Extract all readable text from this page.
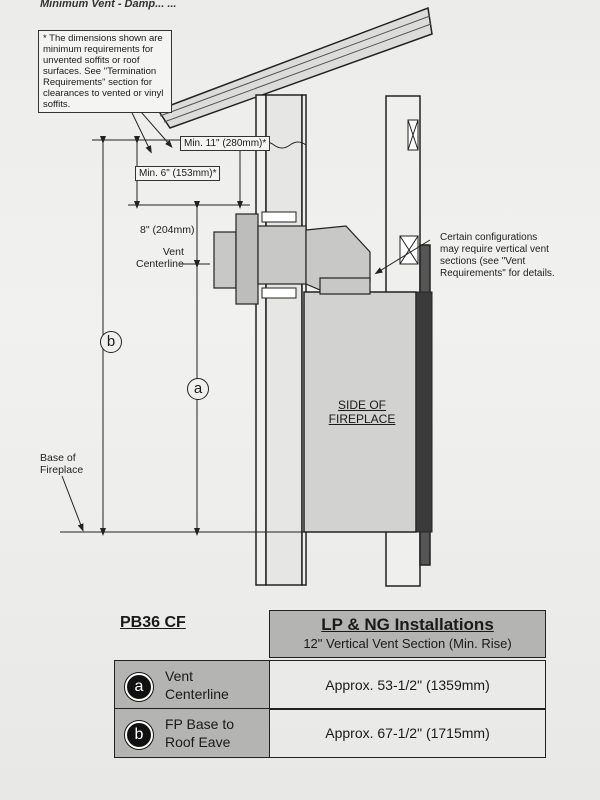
Minimum Vent - Damp... ...
* The dimensions shown are minimum requirements for unvented soffits or roof surfaces. See "Termination Requirements" section for clearances to vented or vinyl soffits.
Min. 11" (280mm)*
Min. 6" (153mm)*
8" (204mm)
Vent
Centerline
Base of
Fireplace
Certain configurations
may require vertical vent
sections (see "Vent
Requirements" for details.
SIDE OF
FIREPLACE
b
a
PB36 CF	LP & NG Installations
12" Vertical Vent Section (Min. Rise)
a
Vent
Centerline
Approx. 53-1/2" (1359mm)
b
FP Base to
Roof Eave
Approx. 67-1/2" (1715mm)
